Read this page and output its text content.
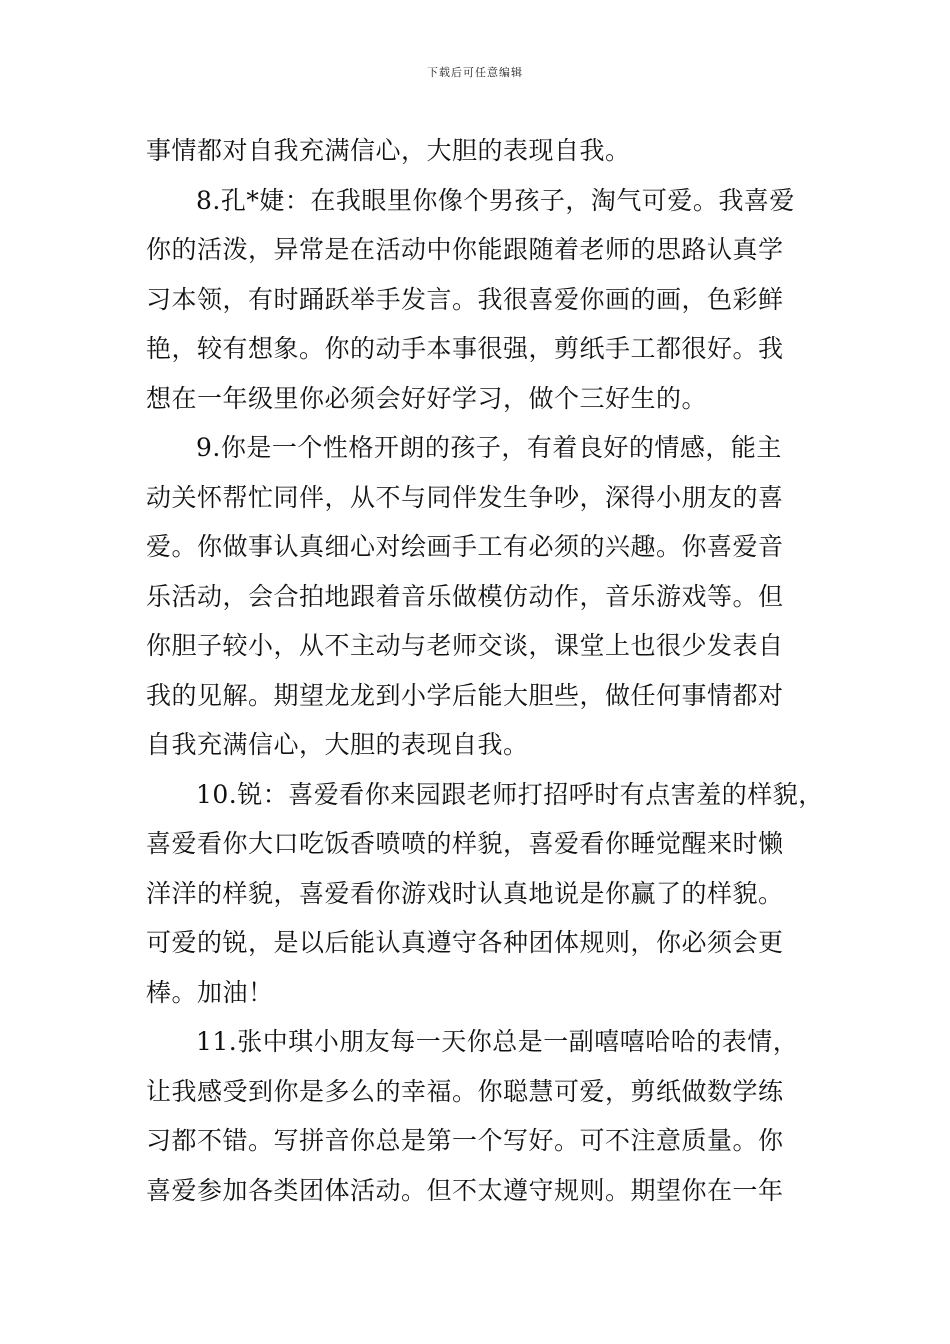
下载后可任意编辑
事情都对自我充满信心，大胆的表现自我。
8.孔*婕：在我眼里你像个男孩子，淘气可爱。我喜爱
你的活泼，异常是在活动中你能跟随着老师的思路认真学
习本领，有时踊跃举手发言。我很喜爱你画的画，色彩鲜
艳，较有想象。你的动手本事很强，剪纸手工都很好。我
想在一年级里你必须会好好学习，做个三好生的。
9.你是一个性格开朗的孩子，有着良好的情感，能主
动关怀帮忙同伴，从不与同伴发生争吵，深得小朋友的喜
爱。你做事认真细心对绘画手工有必须的兴趣。你喜爱音
乐活动，会合拍地跟着音乐做模仿动作，音乐游戏等。但
你胆子较小，从不主动与老师交谈，课堂上也很少发表自
我的见解。期望龙龙到小学后能大胆些，做任何事情都对
自我充满信心，大胆的表现自我。
10.锐：喜爱看你来园跟老师打招呼时有点害羞的样貌，
喜爱看你大口吃饭香喷喷的样貌，喜爱看你睡觉醒来时懒
洋洋的样貌，喜爱看你游戏时认真地说是你赢了的样貌。
可爱的锐，是以后能认真遵守各种团体规则，你必须会更
棒。加油！
11.张中琪小朋友每一天你总是一副嘻嘻哈哈的表情，
让我感受到你是多么的幸福。你聪慧可爱，剪纸做数学练
习都不错。写拼音你总是第一个写好。可不注意质量。你
喜爱参加各类团体活动。但不太遵守规则。期望你在一年
